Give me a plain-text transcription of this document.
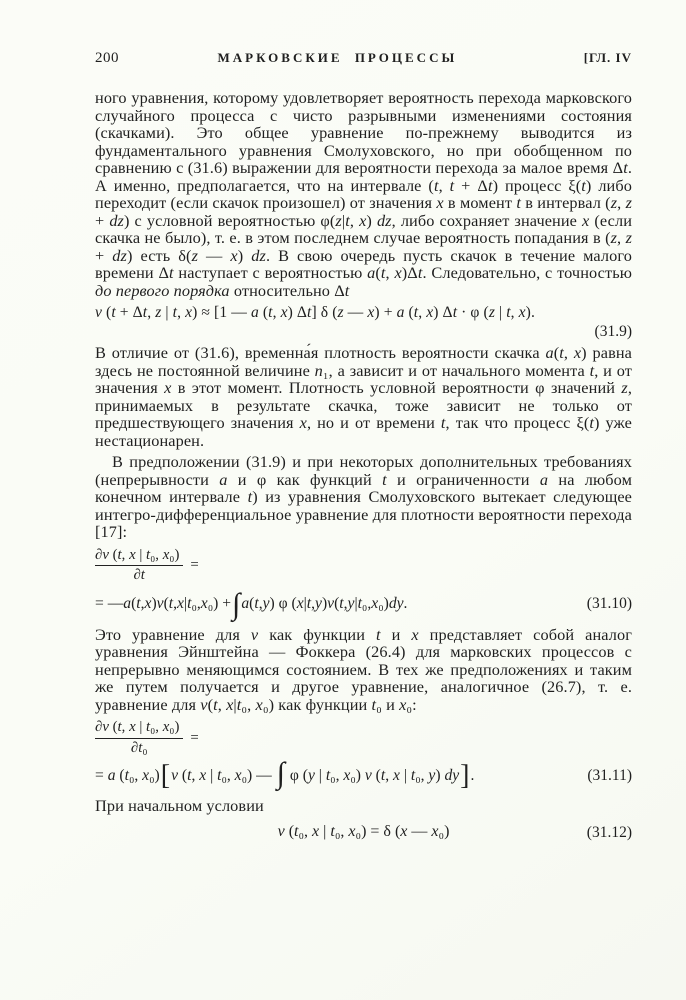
200	МАРКОВСКИЕ ПРОЦЕССЫ	[ГЛ. IV

ного уравнения, которому удовлетворяет вероятность перехода марковского случайного процесса с чисто разрывными изменениями состояния (скачками). Это общее уравнение по-прежнему выводится из фундаментального уравнения Смолуховского, но при обобщенном по сравнению с (31.6) выражении для вероятности перехода за малое время Δt. А именно, предполагается, что на интервале (t, t + Δt) процесс ξ(t) либо переходит (если скачок произошел) от значения x в момент t в интервал (z, z + dz) с условной вероятностью φ(z|t, x) dz, либо сохраняет значение x (если скачка не было), т. е. в этом последнем случае вероятность попадания в (z, z + dz) есть δ(z — x) dz. В свою очередь пусть скачок в течение малого времени Δt наступает с вероятностью a(t, x)Δt. Следовательно, с точностью до первого порядка относительно Δt

v (t + Δt, z | t, x) ≈ [1 — a (t, x) Δt] δ (z — x) + a (t, x) Δt · φ (z | t, x).
(31.9)

В отличие от (31.6), временна́я плотность вероятности скачка a(t, x) равна здесь не постоянной величине n₁, а зависит и от начального момента t, и от значения x в этот момент. Плотность условной вероятности φ значений z, принимаемых в результате скачка, тоже зависит не только от предшествующего значения x, но и от времени t, так что процесс ξ(t) уже нестационарен.

В предположении (31.9) и при некоторых дополнительных требованиях (непрерывности a и φ как функций t и ограниченности a на любом конечном интервале t) из уравнения Смолуховского вытекает следующее интегро-дифференциальное уравнение для плотности вероятности перехода [17]:

$\frac{\text{∂v (t, x | t₀, x₀)}}{\partial t}$ =
= — a ( t , x ) v ( t , x | t ₀, x ₀) + ∫ a ( t , y ) φ ( x | t , y ) v ( t , y | t ₀, x ₀) dy .	(31.10)

Это уравнение для v как функции t и x представляет собой аналог уравнения Эйнштейна — Фоккера (26.4) для марковских процессов с непрерывно меняющимся состоянием. В тех же предположениях и таким же путем получается и другое уравнение, аналогичное (26.7), т. е. уравнение для v(t, x|t₀, x₀) как функции t₀ и x₀:

$\frac{\text{∂v (t, x | t₀, x₀)}}{\text{∂t₀}}$ =
= a (t₀, x₀) [ v (t, x | t₀, x₀) — ∫ φ (y | t₀, x₀) v (t, x | t₀, y) dy ] .	(31.11)

При начальном условии

v (t₀, x | t₀, x₀) = δ (x — x₀)	(31.12)
